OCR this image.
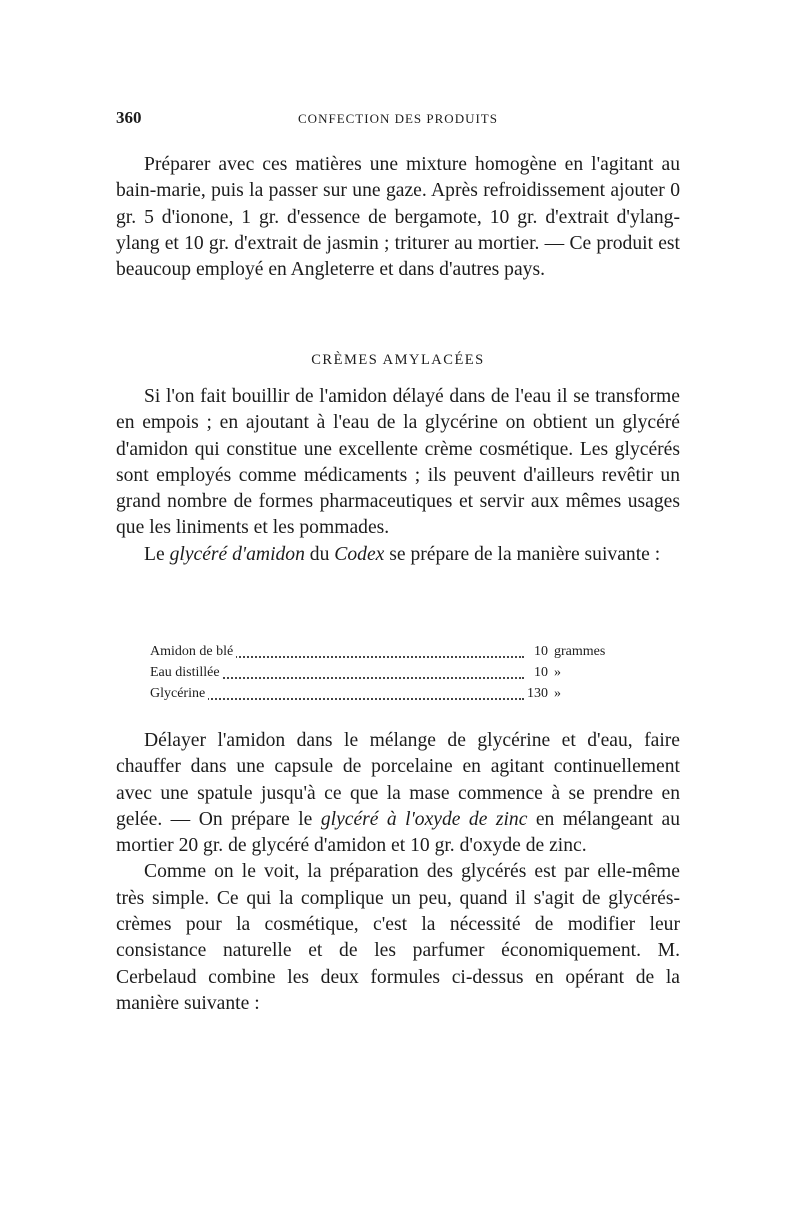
360	CONFECTION DES PRODUITS

Préparer avec ces matières une mixture homogène en l'agitant au bain-marie, puis la passer sur une gaze. Après refroidissement ajouter 0 gr. 5 d'ionone, 1 gr. d'essence de bergamote, 10 gr. d'extrait d'ylang-ylang et 10 gr. d'extrait de jasmin ; triturer au mortier. — Ce produit est beaucoup employé en Angleterre et dans d'autres pays.

CRÈMES AMYLACÉES

Si l'on fait bouillir de l'amidon délayé dans de l'eau il se transforme en empois ; en ajoutant à l'eau de la glycérine on obtient un glycéré d'amidon qui constitue une excellente crème cosmétique. Les glycérés sont employés comme médicaments ; ils peuvent d'ailleurs revêtir un grand nombre de formes pharmaceutiques et servir aux mêmes usages que les liniments et les pommades.

Le glycéré d'amidon du Codex se prépare de la manière suivante :

Amidon de blé	10 grammes
Eau distillée	10 »
Glycérine	130 »

Délayer l'amidon dans le mélange de glycérine et d'eau, faire chauffer dans une capsule de porcelaine en agitant continuellement avec une spatule jusqu'à ce que la mase commence à se prendre en gelée. — On prépare le glycéré à l'oxyde de zinc en mélangeant au mortier 20 gr. de glycéré d'amidon et 10 gr. d'oxyde de zinc.

Comme on le voit, la préparation des glycérés est par elle-même très simple. Ce qui la complique un peu, quand il s'agit de glycérés-crèmes pour la cosmétique, c'est la nécessité de modifier leur consistance naturelle et de les parfumer économiquement. M. Cerbelaud combine les deux formules ci-dessus en opérant de la manière suivante :
